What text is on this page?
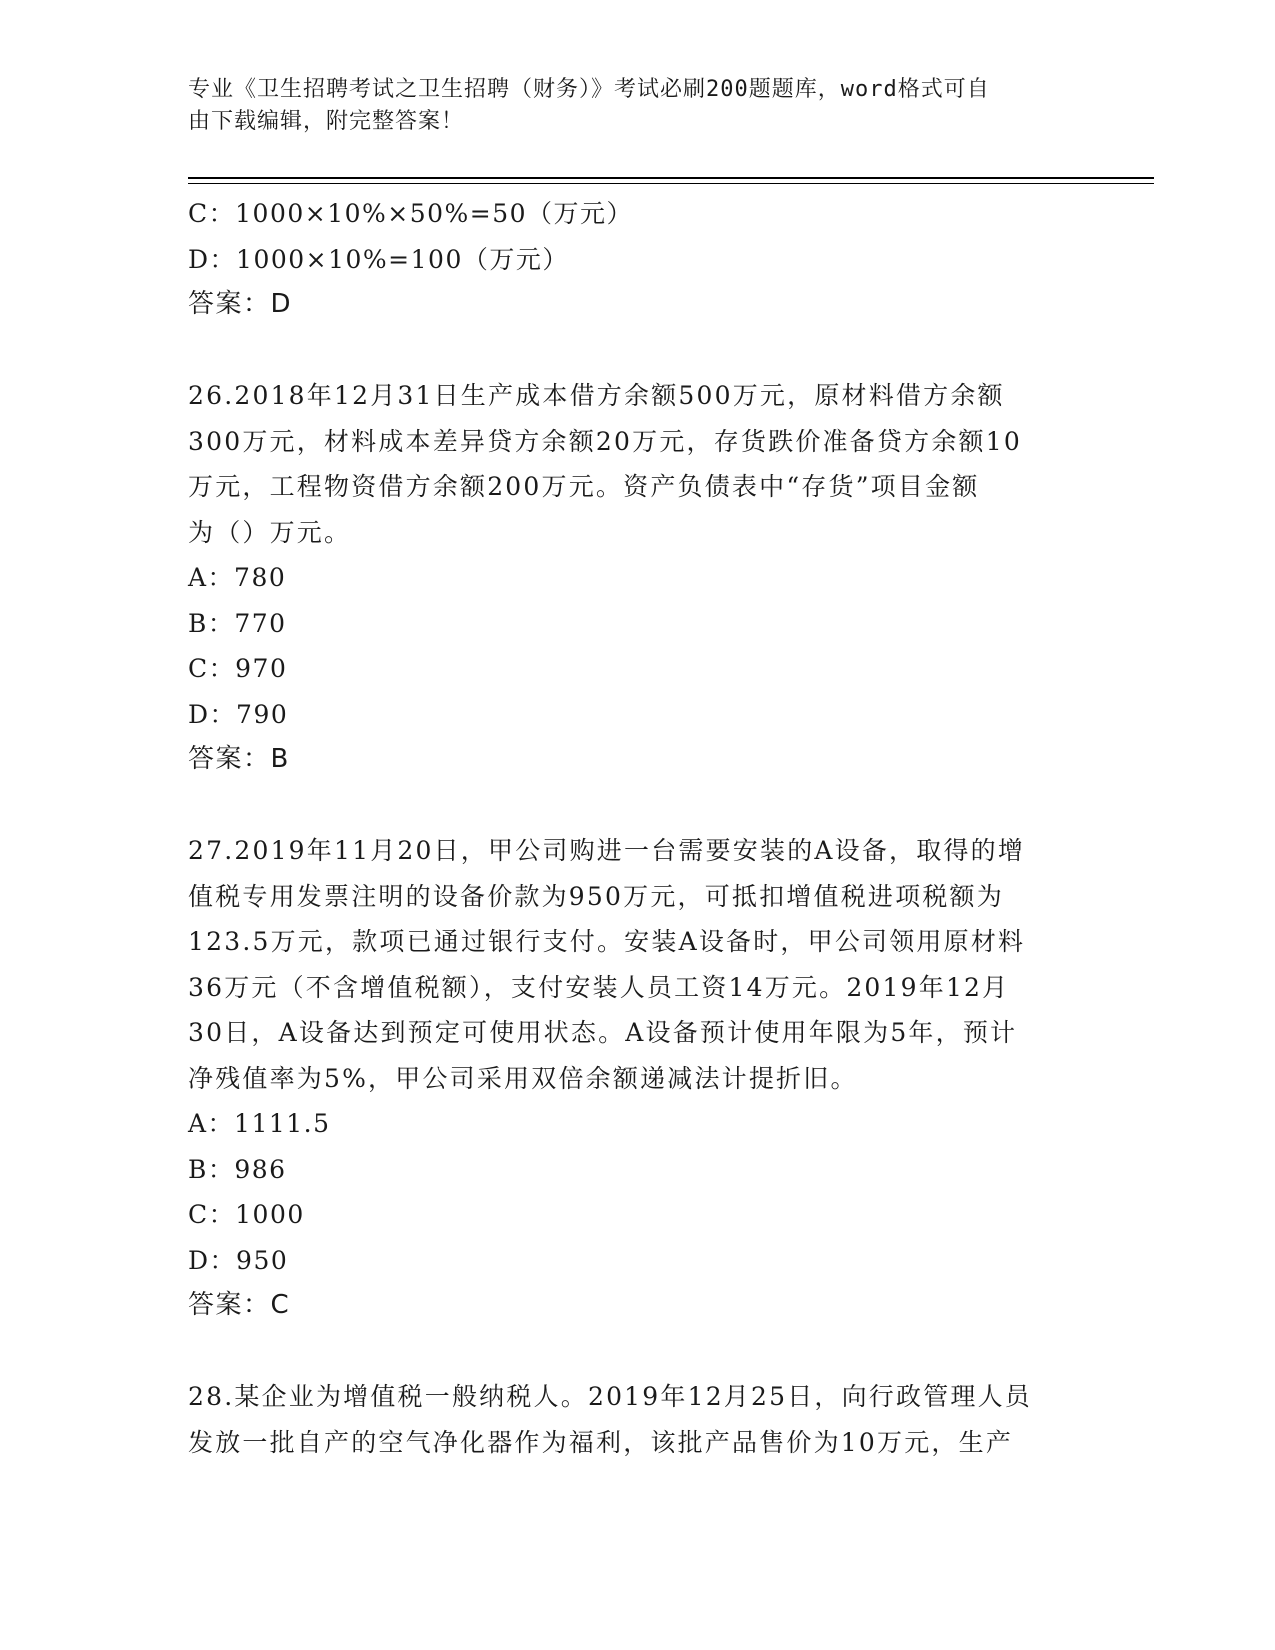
专业《卫生招聘考试之卫生招聘（财务）》考试必刷200题题库，word格式可自
由下载编辑，附完整答案！
C：1000×10%×50%=50（万元）
D：1000×10%=100（万元）
答案：D
26.2018年12月31日生产成本借方余额500万元，原材料借方余额
300万元，材料成本差异贷方余额20万元，存货跌价准备贷方余额10
万元，工程物资借方余额200万元。资产负债表中“存货”项目金额
为（）万元。
A：780
B：770
C：970
D：790
答案：B
27.2019年11月20日，甲公司购进一台需要安装的A设备，取得的增
值税专用发票注明的设备价款为950万元，可抵扣增值税进项税额为
123.5万元，款项已通过银行支付。安装A设备时，甲公司领用原材料
36万元（不含增值税额），支付安装人员工资14万元。2019年12月
30日，A设备达到预定可使用状态。A设备预计使用年限为5年，预计
净残值率为5%，甲公司采用双倍余额递减法计提折旧。
A：1111.5
B：986
C：1000
D：950
答案：C
28.某企业为增值税一般纳税人。2019年12月25日，向行政管理人员
发放一批自产的空气净化器作为福利，该批产品售价为10万元，生产
